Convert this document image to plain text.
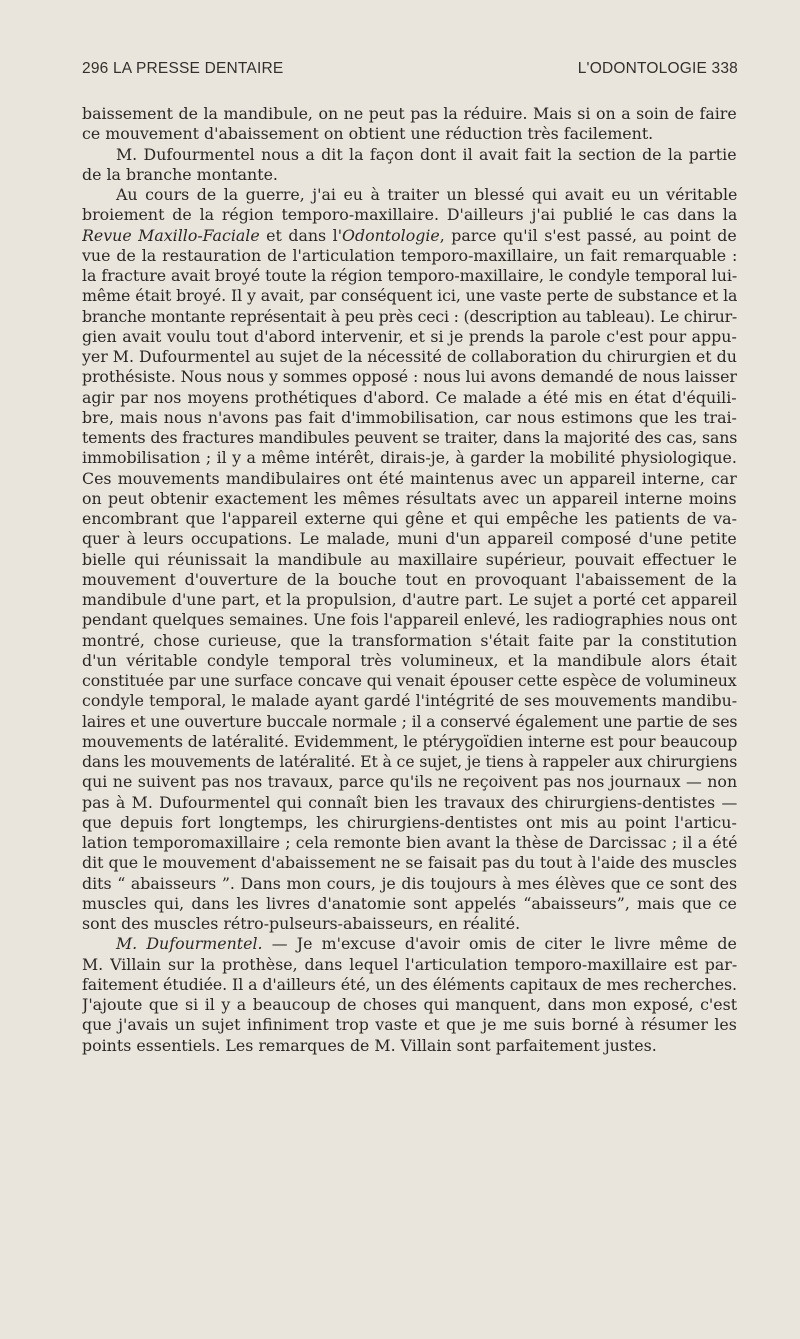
296 LA PRESSE DENTAIRE	L'ODONTOLOGIE 338
baissement de la mandibule, on ne peut pas la réduire. Mais si on a soin de faire
ce mouvement d'abaissement on obtient une réduction très facilement.
M. Dufourmentel nous a dit la façon dont il avait fait la section de la partie
de la branche montante.
Au cours de la guerre, j'ai eu à traiter un blessé qui avait eu un véritable
broiement de la région temporo-maxillaire. D'ailleurs j'ai publié le cas dans la
Revue Maxillo-Faciale et dans l'Odontologie, parce qu'il s'est passé, au point de
vue de la restauration de l'articulation temporo-maxillaire, un fait remarquable :
la fracture avait broyé toute la région temporo-maxillaire, le condyle temporal lui-
même était broyé. Il y avait, par conséquent ici, une vaste perte de substance et la
branche montante représentait à peu près ceci : (description au tableau). Le chirur-
gien avait voulu tout d'abord intervenir, et si je prends la parole c'est pour appu-
yer M. Dufourmentel au sujet de la nécessité de collaboration du chirurgien et du
prothésiste. Nous nous y sommes opposé : nous lui avons demandé de nous laisser
agir par nos moyens prothétiques d'abord. Ce malade a été mis en état d'équili-
bre, mais nous n'avons pas fait d'immobilisation, car nous estimons que les trai-
tements des fractures mandibules peuvent se traiter, dans la majorité des cas, sans
immobilisation ; il y a même intérêt, dirais-je, à garder la mobilité physiologique.
Ces mouvements mandibulaires ont été maintenus avec un appareil interne, car
on peut obtenir exactement les mêmes résultats avec un appareil interne moins
encombrant que l'appareil externe qui gêne et qui empêche les patients de va-
quer à leurs occupations. Le malade, muni d'un appareil composé d'une petite
bielle qui réunissait la mandibule au maxillaire supérieur, pouvait effectuer le
mouvement d'ouverture de la bouche tout en provoquant l'abaissement de la
mandibule d'une part, et la propulsion, d'autre part. Le sujet a porté cet appareil
pendant quelques semaines. Une fois l'appareil enlevé, les radiographies nous ont
montré, chose curieuse, que la transformation s'était faite par la constitution
d'un véritable condyle temporal très volumineux, et la mandibule alors était
constituée par une surface concave qui venait épouser cette espèce de volumineux
condyle temporal, le malade ayant gardé l'intégrité de ses mouvements mandibu-
laires et une ouverture buccale normale ; il a conservé également une partie de ses
mouvements de latéralité. Evidemment, le ptérygoïdien interne est pour beaucoup
dans les mouvements de latéralité. Et à ce sujet, je tiens à rappeler aux chirurgiens
qui ne suivent pas nos travaux, parce qu'ils ne reçoivent pas nos journaux — non
pas à M. Dufourmentel qui connaît bien les travaux des chirurgiens-dentistes —
que depuis fort longtemps, les chirurgiens-dentistes ont mis au point l'articu-
lation temporomaxillaire ; cela remonte bien avant la thèse de Darcissac ; il a été
dit que le mouvement d'abaissement ne se faisait pas du tout à l'aide des muscles
dits “ abaisseurs ”. Dans mon cours, je dis toujours à mes élèves que ce sont des
muscles qui, dans les livres d'anatomie sont appelés “abaisseurs”, mais que ce
sont des muscles rétro-pulseurs-abaisseurs, en réalité.
M. Dufourmentel. — Je m'excuse d'avoir omis de citer le livre même de
M. Villain sur la prothèse, dans lequel l'articulation temporo-maxillaire est par-
faitement étudiée. Il a d'ailleurs été, un des éléments capitaux de mes recherches.
J'ajoute que si il y a beaucoup de choses qui manquent, dans mon exposé, c'est
que j'avais un sujet infiniment trop vaste et que je me suis borné à résumer les
points essentiels. Les remarques de M. Villain sont parfaitement justes.
